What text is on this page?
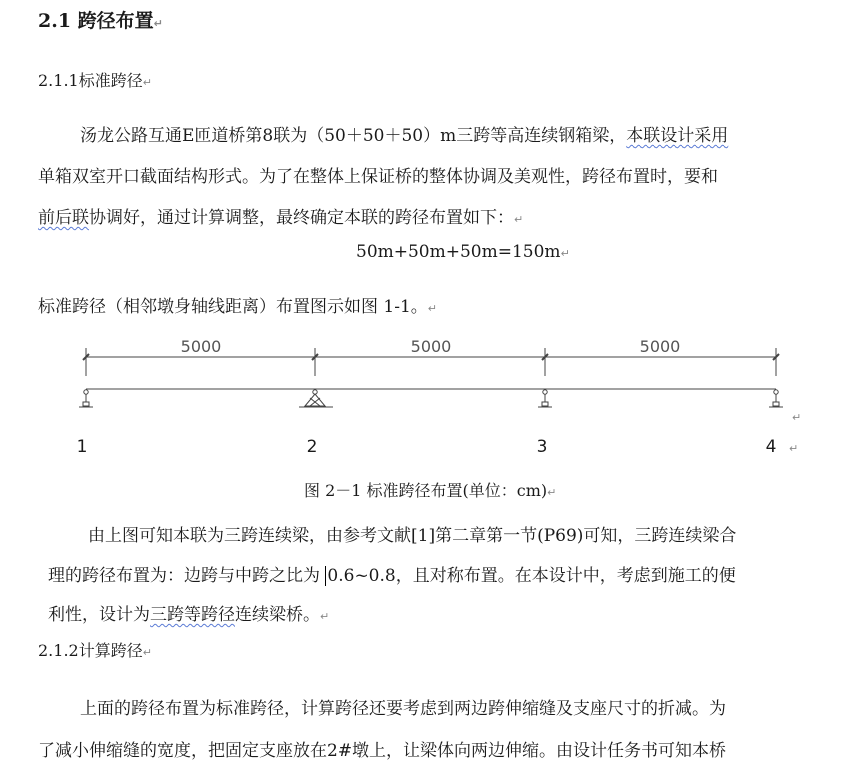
2.1 跨径布置↵
2.1.1标准跨径↵
汤龙公路互通E匝道桥第8联为（50＋50＋50）m三跨等高连续钢箱梁，本联设计采用
单箱双室开口截面结构形式。为了在整体上保证桥的整体协调及美观性，跨径布置时，要和
前后联协调好，通过计算调整，最终确定本联的跨径布置如下：↵
50m+50m+50m=150m↵
标准跨径（相邻墩身轴线距离）布置图示如图 1-1。↵
5000	5000	5000
1	2	3	4
↵
↵
图 2－1 标准跨径布置(单位：cm)↵
由上图可知本联为三跨连续梁，由参考文献[1]第二章第一节(P69)可知，三跨连续梁合
理的跨径布置为：边跨与中跨之比为 0.6~0.8，且对称布置。在本设计中，考虑到施工的便
利性，设计为三跨等跨径连续梁桥。↵
2.1.2计算跨径↵
上面的跨径布置为标准跨径，计算跨径还要考虑到两边跨伸缩缝及支座尺寸的折减。为
了减小伸缩缝的宽度，把固定支座放在2#墩上，让梁体向两边伸缩。由设计任务书可知本桥
